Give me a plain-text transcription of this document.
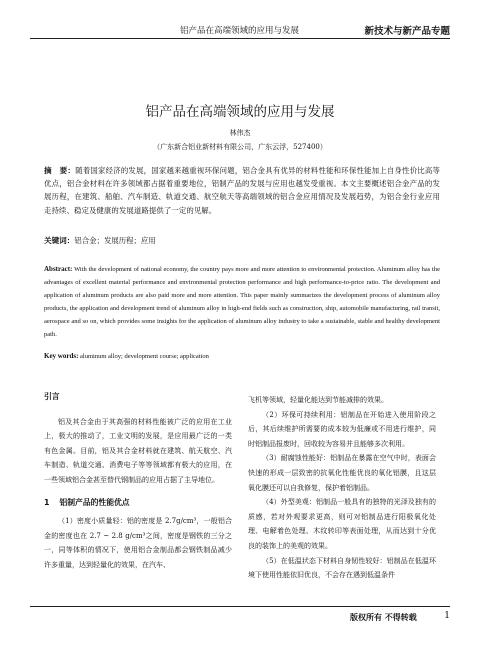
铝产品在高端领域的应用与发展	新技术与新产品专题
铝产品在高端领域的应用与发展
林伟杰
（广东新合铝业新材料有限公司，广东云浮，527400）
摘　要：随着国家经济的发展，国家越来越重视环保问题，铝合金具有优异的材料性能和环保性能加上自身性价比高等优点，铝合金材料在许多领域都占据着重要地位，铝制产品的发展与应用也越发受重视。本文主要概述铝合金产品的发展历程，在建筑、船舶、汽车制造、轨道交通、航空航天等高端领域的铝合金应用情况及发展趋势，为铝合金行业应用走持续、稳定及健康的发展道路提供了一定的见解。
关键词：铝合金；发展历程；应用
Abstract: With the development of national economy, the country pays more and more attention to environmental protection. Aluminum alloy has the advantages of excellent material performance and environmental protection performance and high performance-to-price ratio. The development and application of aluminum products are also paid more and more attention. This paper mainly summarizes the development process of aluminum alloy products, the application and development trend of aluminum alloy in high-end fields such as construction, ship, automobile manufacturing, rail transit, aerospace and so on, which provides some insights for the application of aluminum alloy industry to take a sustainable, stable and healthy development path.
Key words: aluminum alloy; development course; application
引言

铝及其合金由于其高强的材料性能被广泛的应用在工业上，极大的推动了，工业文明的发展，是应用最广泛的一类有色金属。目前，铝及其合金材料就在建筑、航天航空、汽车制造、轨道交通、消费电子等等领域都有极大的应用，在一些领域铝合金甚至替代钢制品的应用占据了主导地位。

1 铝制产品的性能优点

（1）密度小质量轻：铝的密度是 2.7g/cm³，一般铝合金的密度也在 2.7 ~ 2.8 g/cm³之间，密度是钢铁的三分之一，同等体积的情况下，使用铝合金制品都会钢铁制品减少许多重量，达到轻量化的效果，在汽车、

飞机等领域，轻量化能达到节能减排的效果。

（2）环保可持续利用：铝制品在开始进入使用阶段之后，其后续维护所需要的成本较为低廉或不用进行维护，同时铝制品报废时，回收较为容易并且能够多次利用。

（3）耐腐蚀性能好：铝制品在暴露在空气中时，表面会快速的形成一层致密的抗氧化性能优良的氧化铝膜，且这层氧化膜还可以自我修复，保护着铝制品。

（4）外型美观：铝制品一般具有的独特的光泽及独有的质感，若对外观要求更高，则可对铝制品进行阳极氧化处理、电解着色处理、木纹转印等表面处理，从而达到十分优良的装饰上的美观的效果。

（5）在低温状态下材料自身韧性较好：铝制品在低温环境下使用性能依旧优良，不会存在遇到低温条件

版权所有 不得转载	1
